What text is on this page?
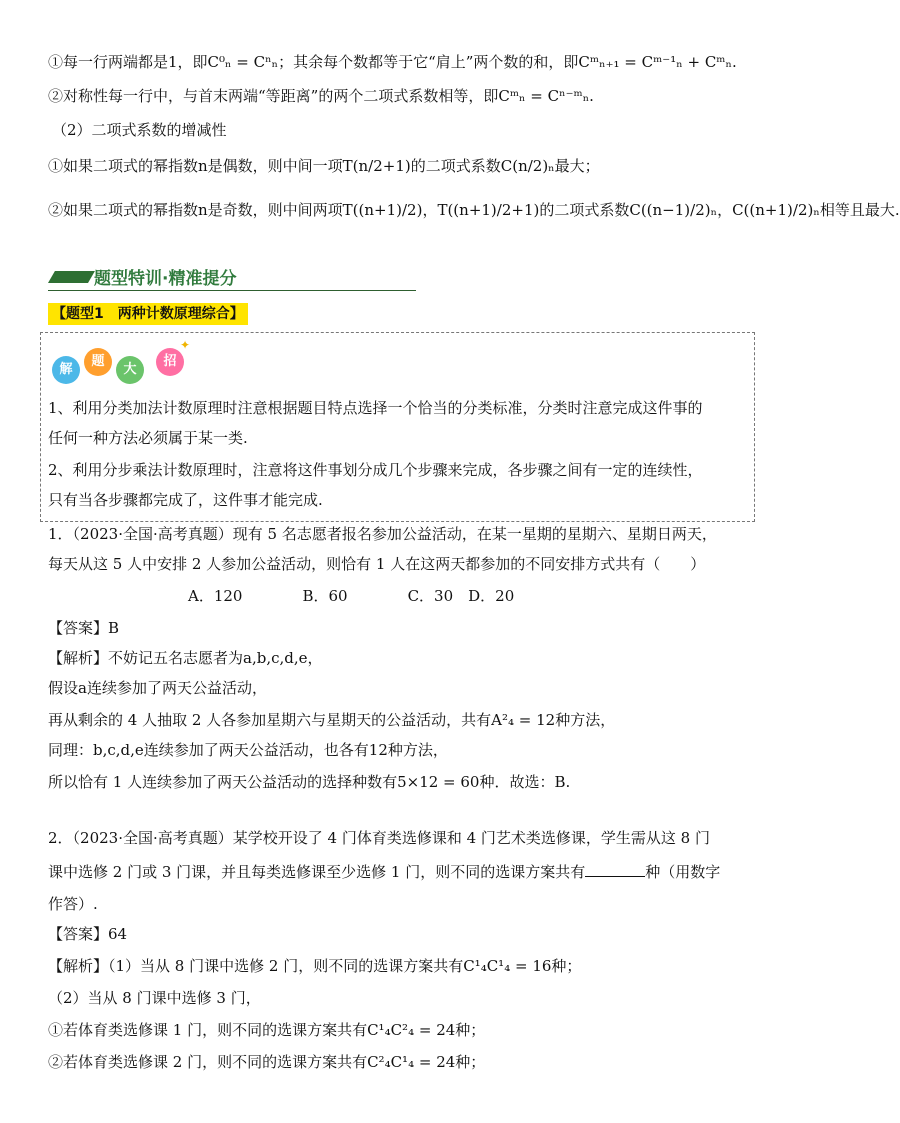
①每一行两端都是1，即C⁰ₙ = Cⁿₙ；其余每个数都等于它“肩上”两个数的和，即Cᵐₙ₊₁ = Cᵐ⁻¹ₙ + Cᵐₙ.
②对称性每一行中，与首末两端“等距离”的两个二项式系数相等，即Cᵐₙ = Cⁿ⁻ᵐₙ.
（2）二项式系数的增减性
①如果二项式的幂指数n是偶数，则中间一项T(n/2+1)的二项式系数C(n/2)ₙ最大；
②如果二项式的幂指数n是奇数，则中间两项T((n+1)/2)，T((n+1)/2+1)的二项式系数C((n−1)/2)ₙ，C((n+1)/2)ₙ相等且最大.
题型特训·精准提分
【题型1　两种计数原理综合】
解
题
大
招
✦
1、利用分类加法计数原理时注意根据题目特点选择一个恰当的分类标准，分类时注意完成这件事的
任何一种方法必须属于某一类.
2、利用分步乘法计数原理时，注意将这件事划分成几个步骤来完成，各步骤之间有一定的连续性，
只有当各步骤都完成了，这件事才能完成.
1．（2023·全国·高考真题）现有 5 名志愿者报名参加公益活动，在某一星期的星期六、星期日两天，
每天从这 5 人中安排 2 人参加公益活动，则恰有 1 人在这两天都参加的不同安排方式共有（　　）
A．120　　　　B．60　　　　C．30　D．20
【答案】B
【解析】不妨记五名志愿者为a,b,c,d,e，
假设a连续参加了两天公益活动，
再从剩余的 4 人抽取 2 人各参加星期六与星期天的公益活动，共有A²₄ = 12种方法，
同理：b,c,d,e连续参加了两天公益活动，也各有12种方法，
所以恰有 1 人连续参加了两天公益活动的选择种数有5×12 = 60种．故选：B.
2．（2023·全国·高考真题）某学校开设了 4 门体育类选修课和 4 门艺术类选修课，学生需从这 8 门
课中选修 2 门或 3 门课，并且每类选修课至少选修 1 门，则不同的选课方案共有	种（用数字
作答）.
【答案】64
【解析】（1）当从 8 门课中选修 2 门，则不同的选课方案共有C¹₄C¹₄ = 16种；
（2）当从 8 门课中选修 3 门，
①若体育类选修课 1 门，则不同的选课方案共有C¹₄C²₄ = 24种；
②若体育类选修课 2 门，则不同的选课方案共有C²₄C¹₄ = 24种；
